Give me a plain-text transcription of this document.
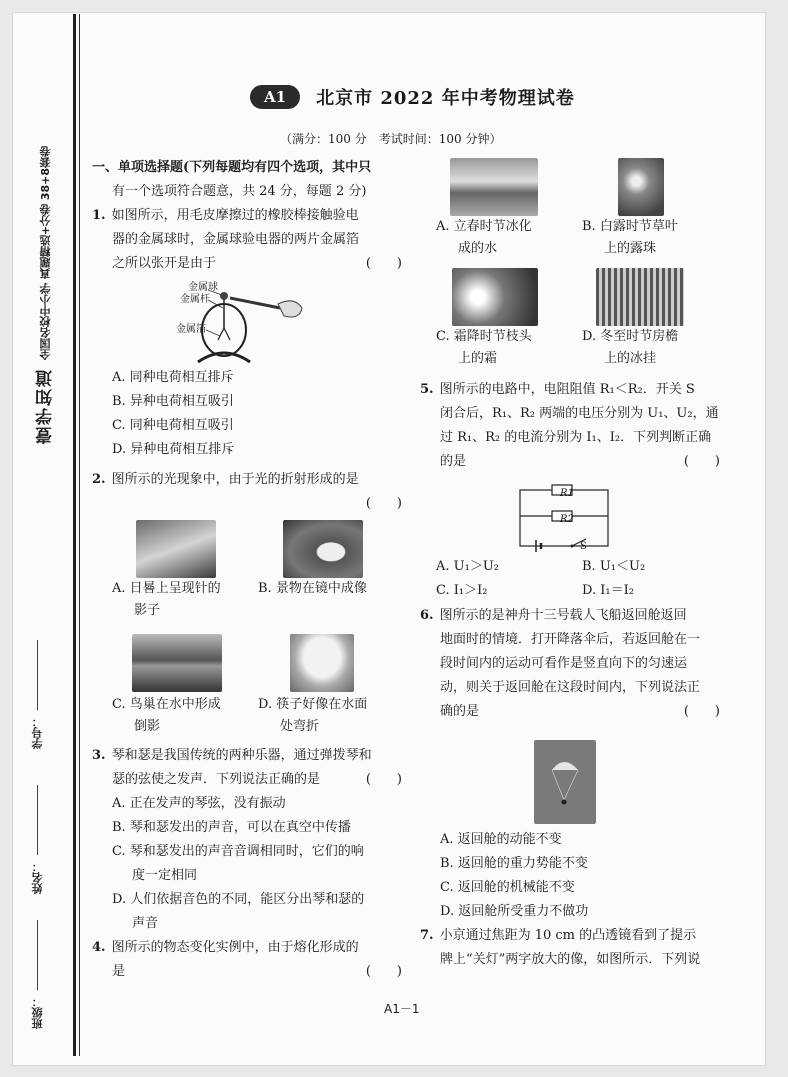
壹学知道
全国名校中小学 真题精选+分卷 38+8套卷
学号：
姓名：
班级：
A1	北京市 2022 年中考物理试卷
（满分：100 分　考试时间：100 分钟）
一、单项选择题(下列每题均有四个选项，其中只
有一个选项符合题意，共 24 分，每题 2 分)
1. 如图所示，用毛皮摩擦过的橡胶棒接触验电
器的金属球时，金属球验电器的两片金属箔
之所以张开是由于	(　　)
金属球
金属杆
金属箔
A. 同种电荷相互排斥
B. 异种电荷相互吸引
C. 同种电荷相互吸引
D. 异种电荷相互排斥
2. 图所示的光现象中，由于光的折射形成的是
(　　)
A. 日晷上呈现针的
影子
B. 景物在镜中成像
C. 鸟巢在水中形成
倒影
D. 筷子好像在水面
处弯折
3. 琴和瑟是我国传统的两种乐器，通过弹拨琴和
瑟的弦使之发声．下列说法正确的是	(　　)
A. 正在发声的琴弦，没有振动
B. 琴和瑟发出的声音，可以在真空中传播
C. 琴和瑟发出的声音音调相同时，它们的响
度一定相同
D. 人们依据音色的不同，能区分出琴和瑟的
声音
4. 图所示的物态变化实例中，由于熔化形成的
是	(　　)
A. 立春时节冰化
成的水
B. 白露时节草叶
上的露珠
C. 霜降时节枝头
上的霜
D. 冬至时节房檐
上的冰挂
5. 图所示的电路中，电阻阻值 R₁＜R₂．开关 S
闭合后，R₁、R₂ 两端的电压分别为 U₁、U₂，通
过 R₁、R₂ 的电流分别为 I₁、I₂．下列判断正确
的是	(　　)
R1
R2
S
A. U₁＞U₂	B. U₁＜U₂
C. I₁＞I₂	D. I₁＝I₂
6. 图所示的是神舟十三号载人飞船返回舱返回
地面时的情境．打开降落伞后，若返回舱在一
段时间内的运动可看作是竖直向下的匀速运
动，则关于返回舱在这段时间内，下列说法正
确的是	(　　)
A. 返回舱的动能不变
B. 返回舱的重力势能不变
C. 返回舱的机械能不变
D. 返回舱所受重力不做功
7. 小京通过焦距为 10 cm 的凸透镜看到了提示
牌上“关灯”两字放大的像，如图所示．下列说
A1－1
